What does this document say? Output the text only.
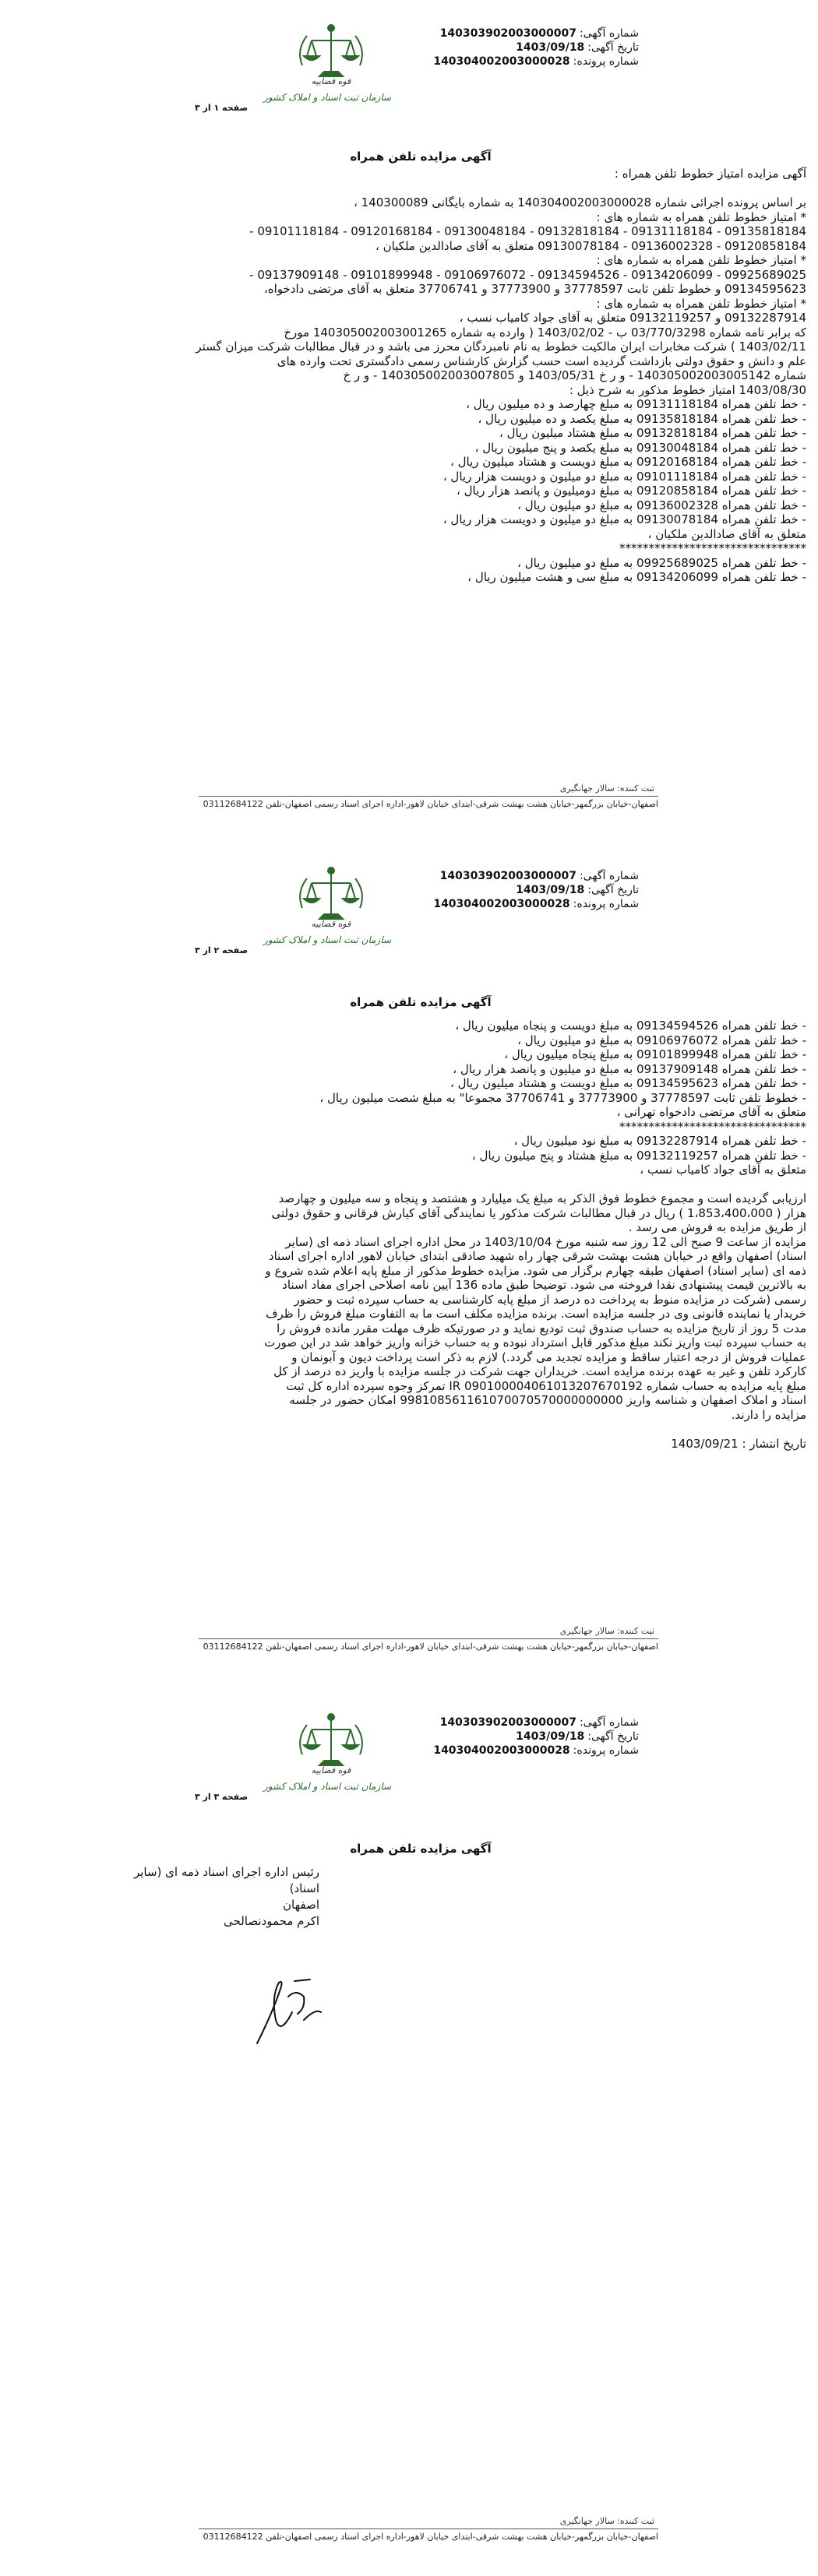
قوه قضاییه
سازمان ثبت اسناد و املاک کشور
شماره آگهی:140303902003000007
تاریخ آگهی:1403/09/18
شماره پرونده:140304002003000028
صفحه ۱ از ۳
آگهی مزایده تلفن همراه
آگهی مزایده امتیاز خطوط تلفن همراه :
بر اساس پرونده اجرائی شماره 140304002003000028 به شماره بایگانی 140300089 ،
* امتیاز خطوط تلفن همراه به شماره های :
09135818184 - 09131118184 - 09132818184 - 09130048184 - 09120168184 - 09101118184 -
09120858184 - 09136002328 - 09130078184 متعلق به آقای صادالدین ملکیان ،
* امتیاز خطوط تلفن همراه به شماره های :
09925689025 - 09134206099 - 09134594526 - 09106976072 - 09101899948 - 09137909148 -
09134595623 و خطوط تلفن ثابت 37778597 و 37773900 و 37706741 متعلق به آقای مرتضی دادخواه،
* امتیاز خطوط تلفن همراه به شماره های :
09132287914 و 09132119257 متعلق به آقای جواد کامیاب نسب ،
که برابر نامه شماره 03/770/3298 ب - 1403/02/02 ( وارده به شماره 140305002003001265 مورخ
1403/02/11 ) شرکت مخابرات ایران مالکیت خطوط به نام نامبردگان محرز می باشد و در قبال مطالبات شرکت میزان گستر
علم و دانش و حقوق دولتی بازداشت گردیده است حسب گزارش کارشناس رسمی دادگستری تحت وارده های
شماره 140305002003005142 - و ر خ 1403/05/31 و 140305002003007805 - و ر خ
1403/08/30 امتیاز خطوط مذکور به شرح ذیل :
- خط تلفن همراه 09131118184 به مبلغ چهارصد و ده میلیون ریال ،
- خط تلفن همراه 09135818184 به مبلغ یکصد و ده میلیون ریال ،
- خط تلفن همراه 09132818184 به مبلغ هشتاد میلیون ریال ،
- خط تلفن همراه 09130048184 به مبلغ یکصد و پنج میلیون ریال ،
- خط تلفن همراه 09120168184 به مبلغ دویست و هشتاد میلیون ریال ،
- خط تلفن همراه 09101118184 به مبلغ دو میلیون و دویست هزار ریال ،
- خط تلفن همراه 09120858184 به مبلغ دومیلیون و پانصد هزار ریال ،
- خط تلفن همراه 09136002328 به مبلغ دو میلیون ریال ،
- خط تلفن همراه 09130078184 به مبلغ دو میلیون و دویست هزار ریال ،
متعلق به آقای صادالدین ملکیان ،
********************************
- خط تلفن همراه 09925689025 به مبلغ دو میلیون ریال ،
- خط تلفن همراه 09134206099 به مبلغ سی و هشت میلیون ریال ،
ثبت کننده: سالار جهانگیری
اصفهان-خیابان بزرگمهر-خیابان هشت بهشت شرقی-ابتدای خیابان لاهور-اداره اجرای اسناد رسمی اصفهان-تلفن 03112684122
قوه قضاییه
سازمان ثبت اسناد و املاک کشور
شماره آگهی:140303902003000007
تاریخ آگهی:1403/09/18
شماره پرونده:140304002003000028
صفحه ۲ از ۳
آگهی مزایده تلفن همراه
- خط تلفن همراه 09134594526 به مبلغ دویست و پنجاه میلیون ریال ،
- خط تلفن همراه 09106976072 به مبلغ دو میلیون ریال ،
- خط تلفن همراه 09101899948 به مبلغ پنجاه میلیون ریال ،
- خط تلفن همراه 09137909148 به مبلغ دو میلیون و پانصد هزار ریال ،
- خط تلفن همراه 09134595623 به مبلغ دویست و هشتاد میلیون ریال ،
- خطوط تلفن ثابت 37778597 و 37773900 و 37706741 مجموعا" به مبلغ شصت میلیون ریال ،
متعلق به آقای مرتضی دادخواه تهرانی ،
********************************
- خط تلفن همراه 09132287914 به مبلغ نود میلیون ریال ،
- خط تلفن همراه 09132119257 به مبلغ هشتاد و پنج میلیون ریال ،
متعلق به آقای جواد کامیاب نسب ،
ارزیابی گردیده است و مجموع خطوط فوق الذکر به مبلغ یک میلیارد و هشتصد و پنجاه و سه میلیون و چهارصد
هزار ( 1،853،400،000 ) ریال در قبال مطالبات شرکت مذکور یا نمایندگی آقای کیارش فرقانی و حقوق دولتی
از طریق مزایده به فروش می رسد .
مزایده از ساعت 9 صبح الی 12 روز سه شنبه مورخ 1403/10/04 در محل اداره اجرای اسناد ذمه ای (سایر
اسناد) اصفهان واقع در خیابان هشت بهشت شرقی چهار راه شهید صادقی ابتدای خیابان لاهور اداره اجرای اسناد
ذمه ای (سایر اسناد) اصفهان طبقه چهارم برگزار می شود. مزایده خطوط مذکور از مبلغ پایه اعلام شده شروع و
به بالاترین قیمت پیشنهادی نقدا فروخته می شود. توضیحا طبق ماده 136 آیین نامه اصلاحی اجرای مفاد اسناد
رسمی (شرکت در مزایده منوط به پرداخت ده درصد از مبلغ پایه کارشناسی به حساب سپرده ثبت و حضور
خریدار یا نماینده قانونی وی در جلسه مزایده است. برنده مزایده مکلف است ما به التفاوت مبلغ فروش را ظرف
مدت 5 روز از تاریخ مزایده به حساب صندوق ثبت تودیع نماید و در صورتیکه ظرف مهلت مقرر مانده فروش را
به حساب سپرده ثبت واریز نکند مبلغ مذکور قابل استرداد نبوده و به حساب خزانه واریز خواهد شد در این صورت
عملیات فروش از درجه اعتبار ساقط و مزایده تجدید می گردد.) لازم به ذکر است پرداخت دیون و آبونمان و
کارکرد تلفن و غیر به عهده برنده مزایده است. خریداران جهت شرکت در جلسه مزایده با واریز ده درصد از کل
مبلغ پایه مزایده به حساب شماره IR 090100004061013207670192 تمرکز وجوه سپرده اداره کل ثبت
اسناد و املاک اصفهان و شناسه واریز 998108561161070070570000000000 امکان حضور در جلسه
مزایده را دارند.
تاریخ انتشار : 1403/09/21
ثبت کننده: سالار جهانگیری
اصفهان-خیابان بزرگمهر-خیابان هشت بهشت شرقی-ابتدای خیابان لاهور-اداره اجرای اسناد رسمی اصفهان-تلفن 03112684122
قوه قضاییه
سازمان ثبت اسناد و املاک کشور
شماره آگهی:140303902003000007
تاریخ آگهی:1403/09/18
شماره پرونده:140304002003000028
صفحه ۳ از ۳
آگهی مزایده تلفن همراه
رئیس اداره اجرای اسناد ذمه ای (سایر اسناد)
اصفهان
اکرم محمودنصالحی
ثبت کننده: سالار جهانگیری
اصفهان-خیابان بزرگمهر-خیابان هشت بهشت شرقی-ابتدای خیابان لاهور-اداره اجرای اسناد رسمی اصفهان-تلفن 03112684122
